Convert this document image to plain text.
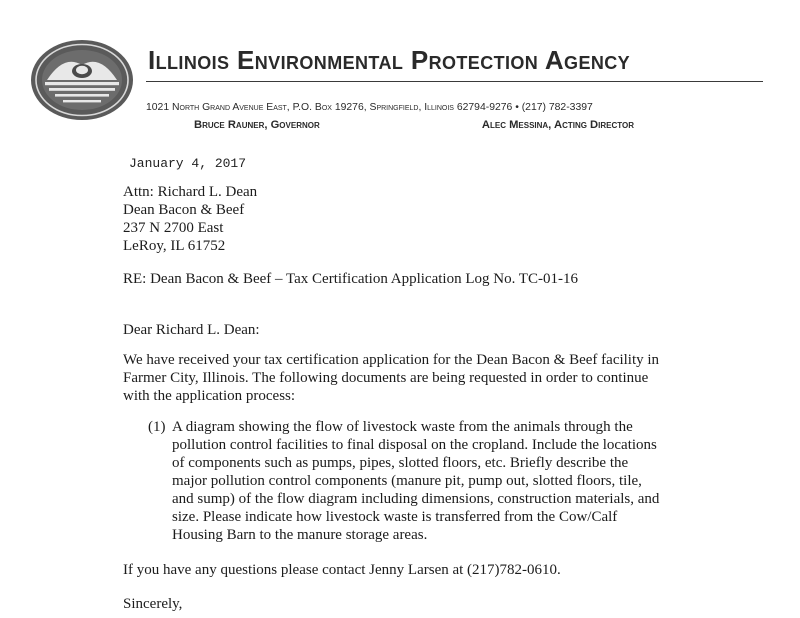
Illinois Environmental Protection Agency
1021 North Grand Avenue East, P.O. Box 19276, Springfield, Illinois 62794-9276 • (217) 782-3397
Bruce Rauner, Governor	Alec Messina, Acting Director
January 4, 2017
Attn: Richard L. Dean
Dean Bacon & Beef
237 N 2700 East
LeRoy, IL 61752
RE: Dean Bacon & Beef – Tax Certification Application Log No. TC-01-16
Dear Richard L. Dean:
We have received your tax certification application for the Dean Bacon & Beef facility in
Farmer City, Illinois. The following documents are being requested in order to continue
with the application process:
(1) A diagram showing the flow of livestock waste from the animals through the
pollution control facilities to final disposal on the cropland. Include the locations
of components such as pumps, pipes, slotted floors, etc. Briefly describe the
major pollution control components (manure pit, pump out, slotted floors, tile,
and sump) of the flow diagram including dimensions, construction materials, and
size. Please indicate how livestock waste is transferred from the Cow/Calf
Housing Barn to the manure storage areas.
If you have any questions please contact Jenny Larsen at (217)782-0610.
Sincerely,
